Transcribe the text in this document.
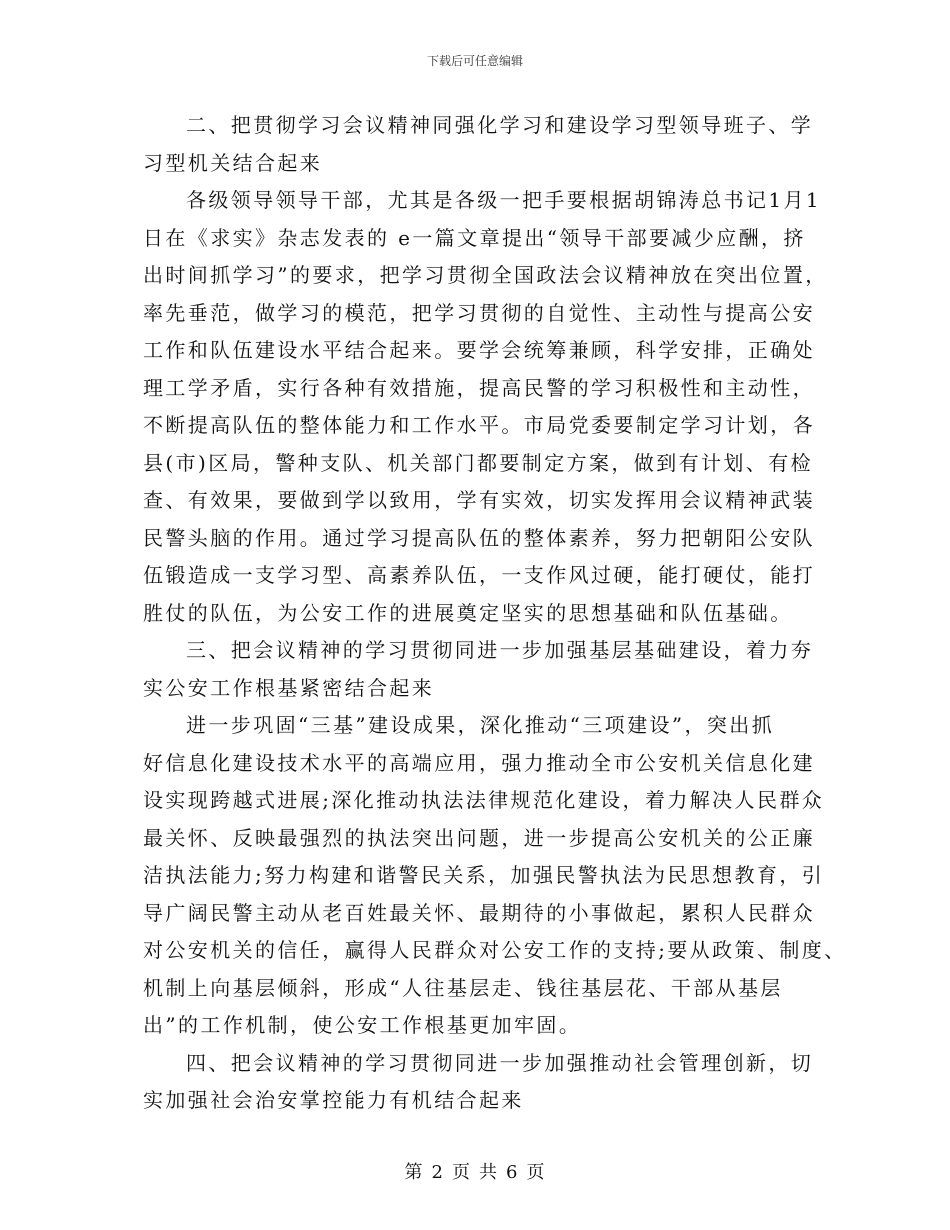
下载后可任意编辑
二、把贯彻学习会议精神同强化学习和建设学习型领导班子、学
习型机关结合起来
各级领导领导干部，尤其是各级一把手要根据胡锦涛总书记1月1
日在《求实》杂志发表的 e一篇文章提出“领导干部要减少应酬，挤
出时间抓学习”的要求，把学习贯彻全国政法会议精神放在突出位置，
率先垂范，做学习的模范，把学习贯彻的自觉性、主动性与提高公安
工作和队伍建设水平结合起来。要学会统筹兼顾，科学安排，正确处
理工学矛盾，实行各种有效措施，提高民警的学习积极性和主动性，
不断提高队伍的整体能力和工作水平。市局党委要制定学习计划，各
县(市)区局，警种支队、机关部门都要制定方案，做到有计划、有检
查、有效果，要做到学以致用，学有实效，切实发挥用会议精神武装
民警头脑的作用。通过学习提高队伍的整体素养，努力把朝阳公安队
伍锻造成一支学习型、高素养队伍，一支作风过硬，能打硬仗，能打
胜仗的队伍，为公安工作的进展奠定坚实的思想基础和队伍基础。
三、把会议精神的学习贯彻同进一步加强基层基础建设，着力夯
实公安工作根基紧密结合起来
进一步巩固“三基”建设成果，深化推动“三项建设”，突出抓
好信息化建设技术水平的高端应用，强力推动全市公安机关信息化建
设实现跨越式进展;深化推动执法法律规范化建设，着力解决人民群众
最关怀、反映最强烈的执法突出问题，进一步提高公安机关的公正廉
洁执法能力;努力构建和谐警民关系，加强民警执法为民思想教育，引
导广阔民警主动从老百姓最关怀、最期待的小事做起，累积人民群众
对公安机关的信任，赢得人民群众对公安工作的支持;要从政策、制度、
机制上向基层倾斜，形成“人往基层走、钱往基层花、干部从基层
出”的工作机制，使公安工作根基更加牢固。
四、把会议精神的学习贯彻同进一步加强推动社会管理创新，切
实加强社会治安掌控能力有机结合起来
第 2 页 共 6 页
